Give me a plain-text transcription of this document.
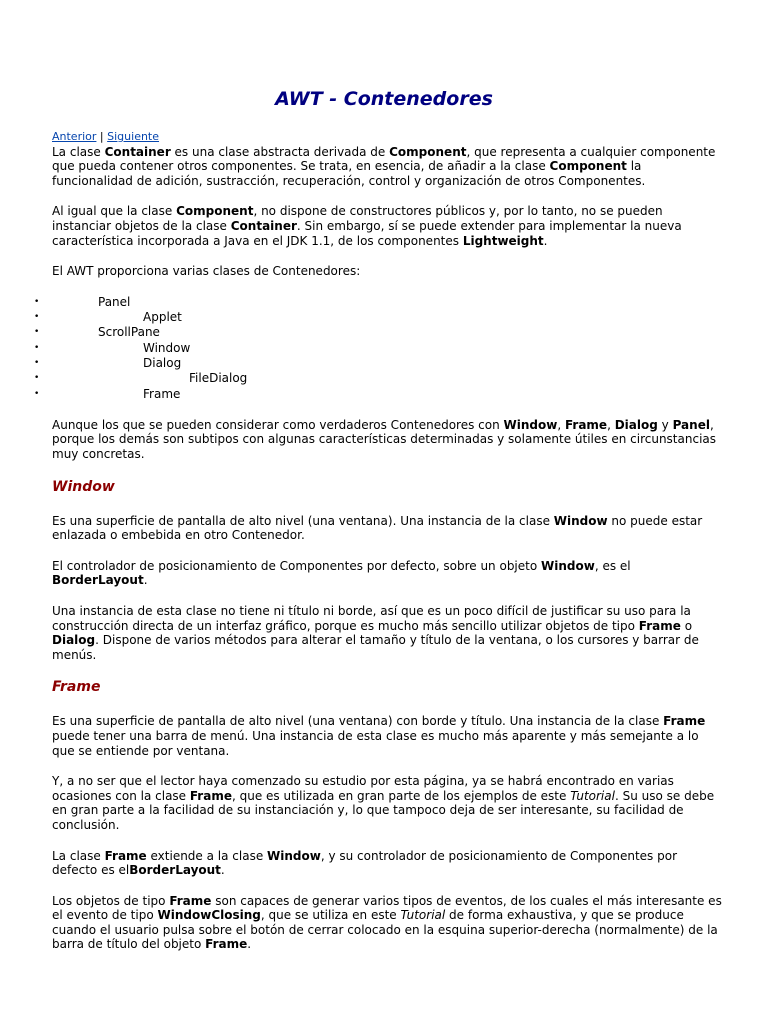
AWT - Contenedores
Anterior | Siguiente

La clase Container es una clase abstracta derivada de Component, que representa a cualquier componente que pueda contener otros componentes. Se trata, en esencia, de añadir a la clase Component la funcionalidad de adición, sustracción, recuperación, control y organización de otros Componentes.

Al igual que la clase Component, no dispone de constructores públicos y, por lo tanto, no se pueden instanciar objetos de la clase Container. Sin embargo, sí se puede extender para implementar la nueva característica incorporada a Java en el JDK 1.1, de los componentes Lightweight.

El AWT proporciona varias clases de Contenedores:

• Panel
• Applet
• ScrollPane
• Window
• Dialog
• FileDialog
• Frame

Aunque los que se pueden considerar como verdaderos Contenedores con Window, Frame, Dialog y Panel, porque los demás son subtipos con algunas características determinadas y solamente útiles en circunstancias muy concretas.

Window

Es una superficie de pantalla de alto nivel (una ventana). Una instancia de la clase Window no puede estar enlazada o embebida en otro Contenedor.

El controlador de posicionamiento de Componentes por defecto, sobre un objeto Window, es el BorderLayout.

Una instancia de esta clase no tiene ni título ni borde, así que es un poco difícil de justificar su uso para la construcción directa de un interfaz gráfico, porque es mucho más sencillo utilizar objetos de tipo Frame o Dialog. Dispone de varios métodos para alterar el tamaño y título de la ventana, o los cursores y barrar de menús.

Frame

Es una superficie de pantalla de alto nivel (una ventana) con borde y título. Una instancia de la clase Frame puede tener una barra de menú. Una instancia de esta clase es mucho más aparente y más semejante a lo que se entiende por ventana.

Y, a no ser que el lector haya comenzado su estudio por esta página, ya se habrá encontrado en varias ocasiones con la clase Frame, que es utilizada en gran parte de los ejemplos de este Tutorial. Su uso se debe en gran parte a la facilidad de su instanciación y, lo que tampoco deja de ser interesante, su facilidad de conclusión.

La clase Frame extiende a la clase Window, y su controlador de posicionamiento de Componentes por defecto es elBorderLayout.

Los objetos de tipo Frame son capaces de generar varios tipos de eventos, de los cuales el más interesante es el evento de tipo WindowClosing, que se utiliza en este Tutorial de forma exhaustiva, y que se produce cuando el usuario pulsa sobre el botón de cerrar colocado en la esquina superior-derecha (normalmente) de la barra de título del objeto Frame.
